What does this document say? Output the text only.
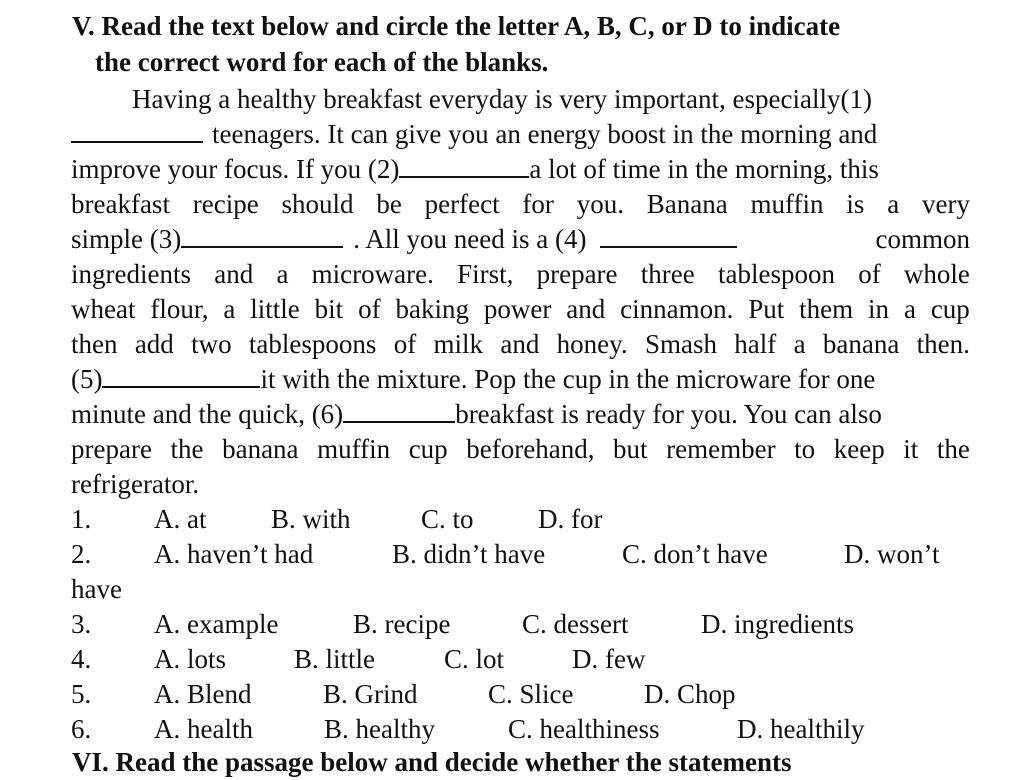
V. Read the text below and circle the letter A, B, C, or D to indicate
the correct word for each of the blanks.
Having a healthy breakfast everyday is very important, especially(1)
teenagers. It can give you an energy boost in the morning and
improve your focus. If you (2)	a lot of time in the morning, this
breakfast recipe should be perfect for you. Banana muffin is a very
simple (3)	. All you need is a (4)	common
ingredients and a microware. First, prepare three tablespoon of whole
wheat flour, a little bit of baking power and cinnamon. Put them in a cup
then add two tablespoons of milk and honey. Smash half a banana then.
(5)	it with the mixture. Pop the cup in the microware for one
minute and the quick, (6)	breakfast is ready for you. You can also
prepare the banana muffin cup beforehand, but remember to keep it the
refrigerator.
1. A. at B. with	C. to D. for
2. A. haven’t had	B. didn’t have	C. don’t have	D. won’t
have
3. A. example	B. recipe	C. dessert	D. ingredients
4. A. lots	B. little	C. lot	D. few
5. A. Blend	B. Grind	C. Slice	D. Chop
6. A. health	B. healthy	C. healthiness	D. healthily
VI. Read the passage below and decide whether the statements
